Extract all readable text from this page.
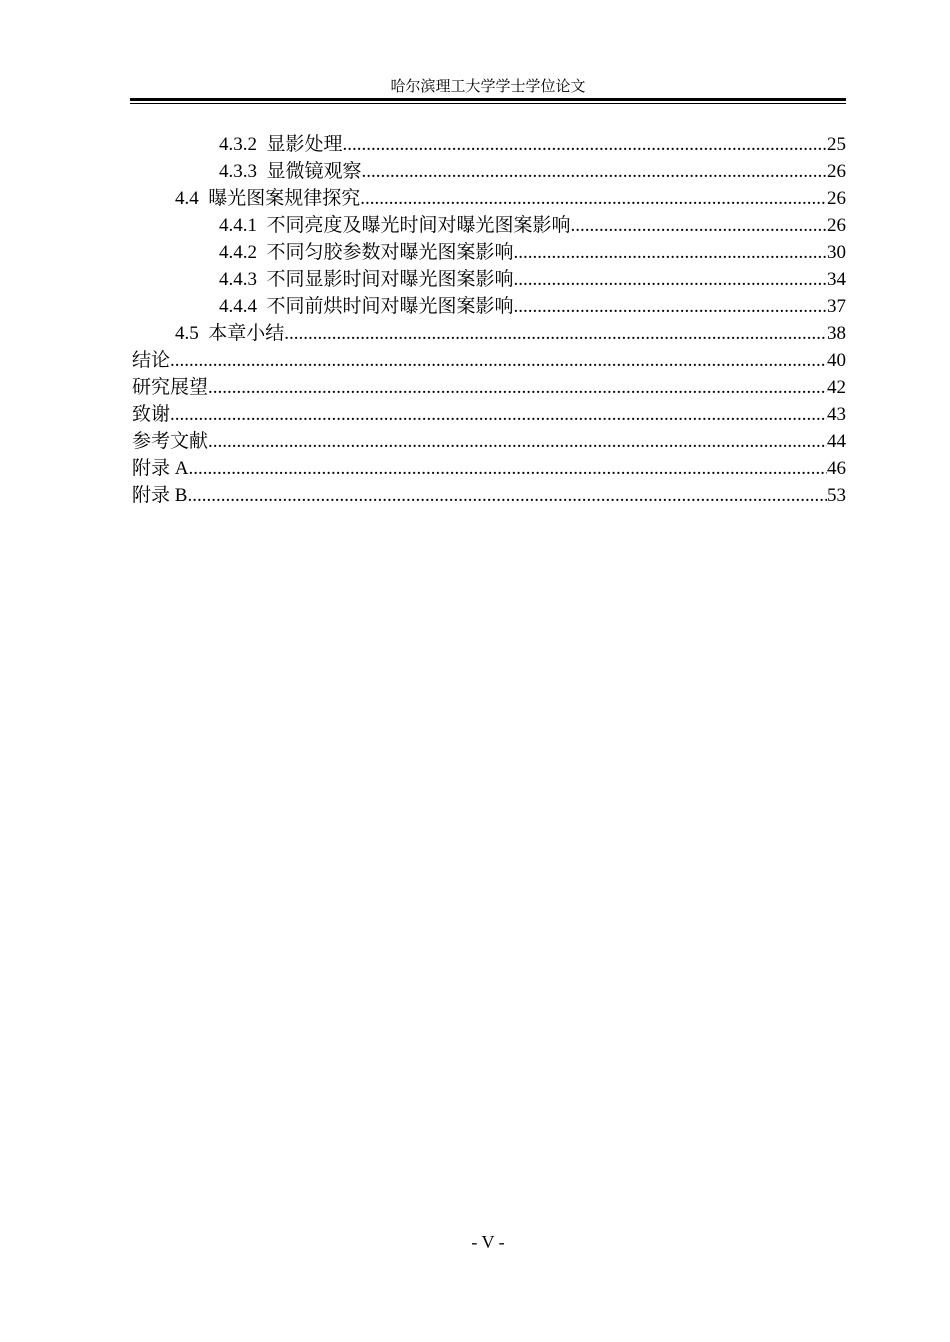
哈尔滨理工大学学士学位论文
4.3.2 显影处理 .....	25
4.3.3 显微镜观察 .....	26
4.4 曝光图案规律探究 .....	26
4.4.1 不同亮度及曝光时间对曝光图案影响 .....	26
4.4.2 不同匀胶参数对曝光图案影响 .....	30
4.4.3 不同显影时间对曝光图案影响 .....	34
4.4.4 不同前烘时间对曝光图案影响 .....	37
4.5 本章小结 .....	38
结论 .....	40
研究展望 .....	42
致谢 .....	43
参考文献 .....	44
附录 A .....	46
附录 B .....	53
- V -
